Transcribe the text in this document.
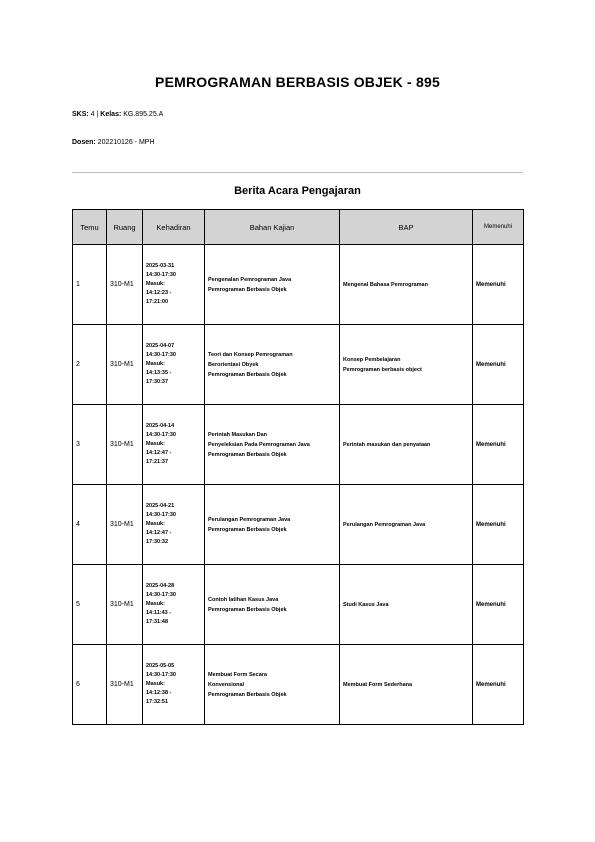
PEMROGRAMAN BERBASIS OBJEK - 895
SKS: 4 | Kelas: KG.895.25.A
Dosen: 202210126 - MPH
Berita Acara Pengajaran
Temu	Ruang	Kehadiran	Bahan Kajian	BAP	Memenuhi
1	310-M1	2025-03-31
14:30-17:30
Masuk:
14:12:23 -
17:21:00	Pengenalan Pemrograman Java
Pemrograman Berbasis Objek	Mengenal Bahasa Pemrograman	Memenuhi
2	310-M1	2025-04-07
14:30-17:30
Masuk:
14:13:35 -
17:30:37	Teori dan Konsep Pemrograman
Berorientasi Obyek
Pemrograman Berbasis Objek	Konsep Pembelajaran
Pemrograman berbasis object	Memenuhi
3	310-M1	2025-04-14
14:30-17:30
Masuk:
14:12:47 -
17:21:37	Perintah Masukan Dan
Penyeleksian Pada Pemrograman Java
Pemrograman Berbasis Objek	Perintah masukan dan penyataan	Memenuhi
4	310-M1	2025-04-21
14:30-17:30
Masuk:
14:12:47 -
17:30:32	Perulangan Pemrograman Java
Pemrograman Berbasis Objek	Perulangan Pemrograman Java	Memenuhi
5	310-M1	2025-04-28
14:30-17:30
Masuk:
14:11:43 -
17:31:48	Contoh latihan Kasus Java
Pemrograman Berbasis Objek	Studi Kasus Java	Memenuhi
6	310-M1	2025-05-05
14:30-17:30
Masuk:
14:12:38 -
17:32:51	Membuat Form Secara
Konvensional
Pemrograman Berbasis Objek	Membuat Form Sederhana	Memenuhi
